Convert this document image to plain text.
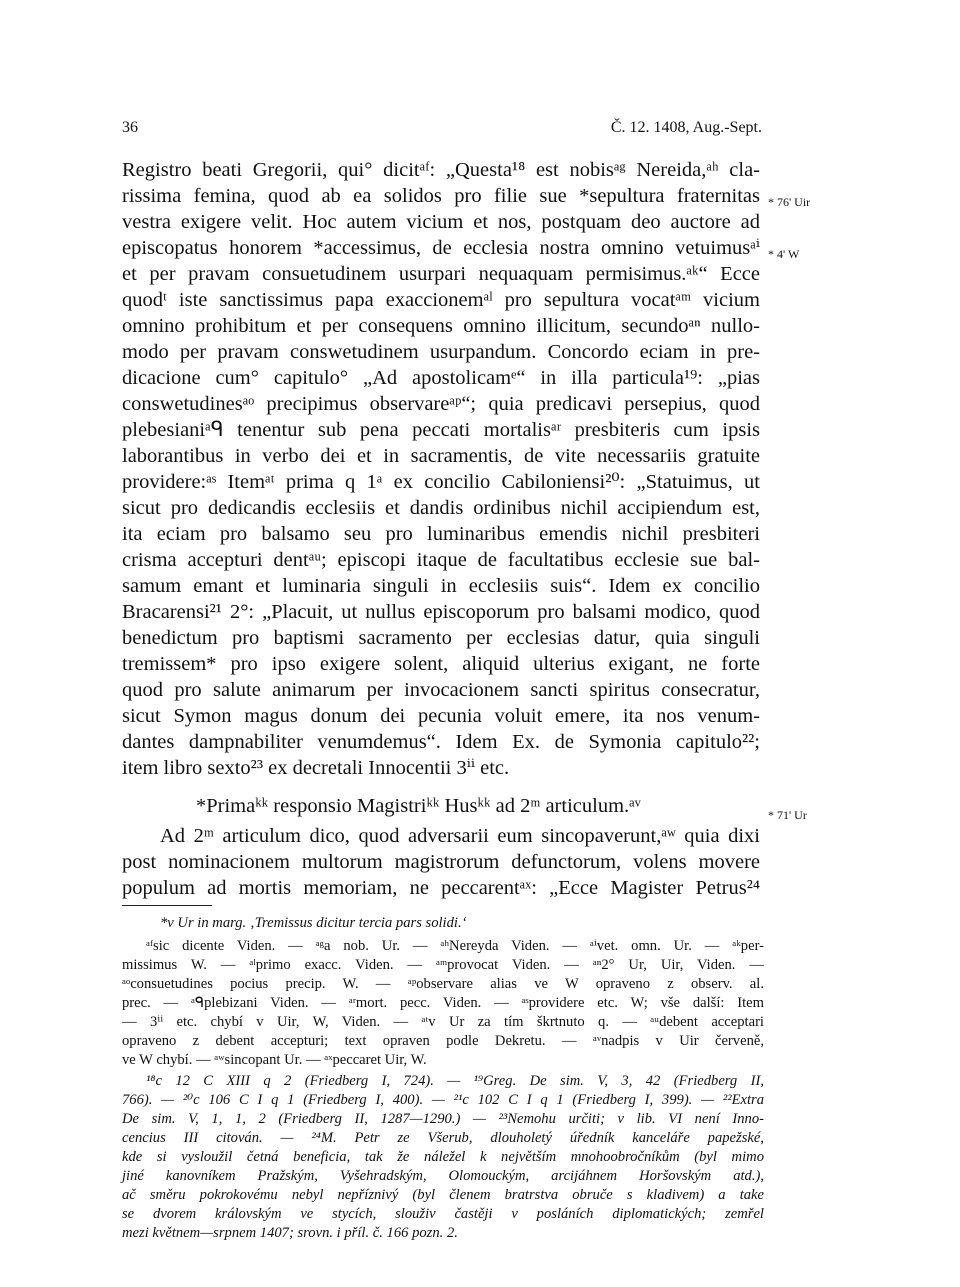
36	Č. 12. 1408, Aug.-Sept.
Registro beati Gregorii, qui° dicitᵃᶠ: „Questa¹⁸ est nobisᵃᵍ Nereida,ᵃʰ cla-
rissima femina, quod ab ea solidos pro filie sue *sepultura fraternitas
vestra exigere velit. Hoc autem vicium et nos, postquam deo auctore ad
episcopatus honorem *accessimus, de ecclesia nostra omnino vetuimusᵃⁱ
et per pravam consuetudinem usurpari nequaquam permisimus.ᵃᵏ“ Ecce
quodᵗ iste sanctissimus papa exaccionemᵃˡ pro sepultura vocatᵃᵐ vicium
omnino prohibitum et per consequens omnino illicitum, secundoᵃⁿ nullo-
modo per pravam conswetudinem usurpandum. Concordo eciam in pre-
dicacione cum° capitulo° „Ad apostolicamᵉ“ in illa particula¹⁹: „pias
conswetudinesᵃᵒ precipimus observareᵃᵖ“; quia predicavi persepius, quod
plebesianiᵃᑫ tenentur sub pena peccati mortalisᵃʳ presbiteris cum ipsis
laborantibus in verbo dei et in sacramentis, de vite necessariis gratuite
providere:ᵃˢ Itemᵃᵗ prima q 1ᵃ ex concilio Cabiloniensi²⁰: „Statuimus, ut
sicut pro dedicandis ecclesiis et dandis ordinibus nichil accipiendum est,
ita eciam pro balsamo seu pro luminaribus emendis nichil presbiteri
crisma accepturi dentᵃᵘ; episcopi itaque de facultatibus ecclesie sue bal-
samum emant et luminaria singuli in ecclesiis suis“. Idem ex concilio
Bracarensi²¹ 2°: „Placuit, ut nullus episcoporum pro balsami modico, quod
benedictum pro baptismi sacramento per ecclesias datur, quia singuli
tremissem* pro ipso exigere solent, aliquid ulterius exigant, ne forte
quod pro salute animarum per invocacionem sancti spiritus consecratur,
sicut Symon magus donum dei pecunia voluit emere, ita nos venum-
dantes dampnabiliter venumdemus“. Idem Ex. de Symonia capitulo²²;
item libro sexto²³ ex decretali Innocentii 3ⁱⁱ etc.
*Primaᵏᵏ responsio Magistriᵏᵏ Husᵏᵏ ad 2ᵐ articulum.ᵃᵛ
Ad 2ᵐ articulum dico, quod adversarii eum sincopaverunt,ᵃʷ quia dixi
post nominacionem multorum magistrorum defunctorum, volens movere
populum ad mortis memoriam, ne peccarentᵃˣ: „Ecce Magister Petrus²⁴
* 76' Uir
* 4' W
* 71' Ur
*v Ur in marg. ‚Tremissus dicitur tercia pars solidi.‘
ᵃᶠsic dicente Viden. — ᵃᵍa nob. Ur. — ᵃʰNereyda Viden. — ᵃⁱvet. omn. Ur. — ᵃᵏper-
missimus W. — ᵃˡprimo exacc. Viden. — ᵃᵐprovocat Viden. — ᵃⁿ2° Ur, Uir, Viden. —
ᵃᵒconsuetudines pocius precip. W. — ᵃᵖobservare alias ve W opraveno z observ. al.
prec. — ᵃᑫplebizani Viden. — ᵃʳmort. pecc. Viden. — ᵃˢprovidere etc. W; vše další: Item
— 3ⁱⁱ etc. chybí v Uir, W, Viden. — ᵃᵗv Ur za tím škrtnuto q. — ᵃᵘdebent acceptari
opraveno z debent accepturi; text opraven podle Dekretu. — ᵃᵛnadpis v Uir červeně,
ve W chybí. — ᵃʷsincopant Ur. — ᵃˣpeccaret Uir, W.
¹⁸c 12 C XIII q 2 (Friedberg I, 724). — ¹⁹Greg. De sim. V, 3, 42 (Friedberg II,
766). — ²⁰c 106 C I q 1 (Friedberg I, 400). — ²¹c 102 C I q 1 (Friedberg I, 399). — ²²Extra
De sim. V, 1, 1, 2 (Friedberg II, 1287—1290.) — ²³Nemohu určiti; v lib. VI není Inno-
cencius III citován. — ²⁴M. Petr ze Všerub, dlouholetý úředník kanceláře papežské,
kde si vysloužil četná beneficia, tak že náležel k největším mnohoobročníkům (byl mimo
jiné kanovníkem Pražským, Vyšehradským, Olomouckým, arcijáhnem Horšovským atd.),
ač směru pokrokovému nebyl nepříznivý (byl členem bratrstva obruče s kladivem) a take
se dvorem královským ve stycích, slouživ častěji v posláních diplomatických; zemřel
mezi květnem—srpnem 1407; srovn. i příl. č. 166 pozn. 2.
